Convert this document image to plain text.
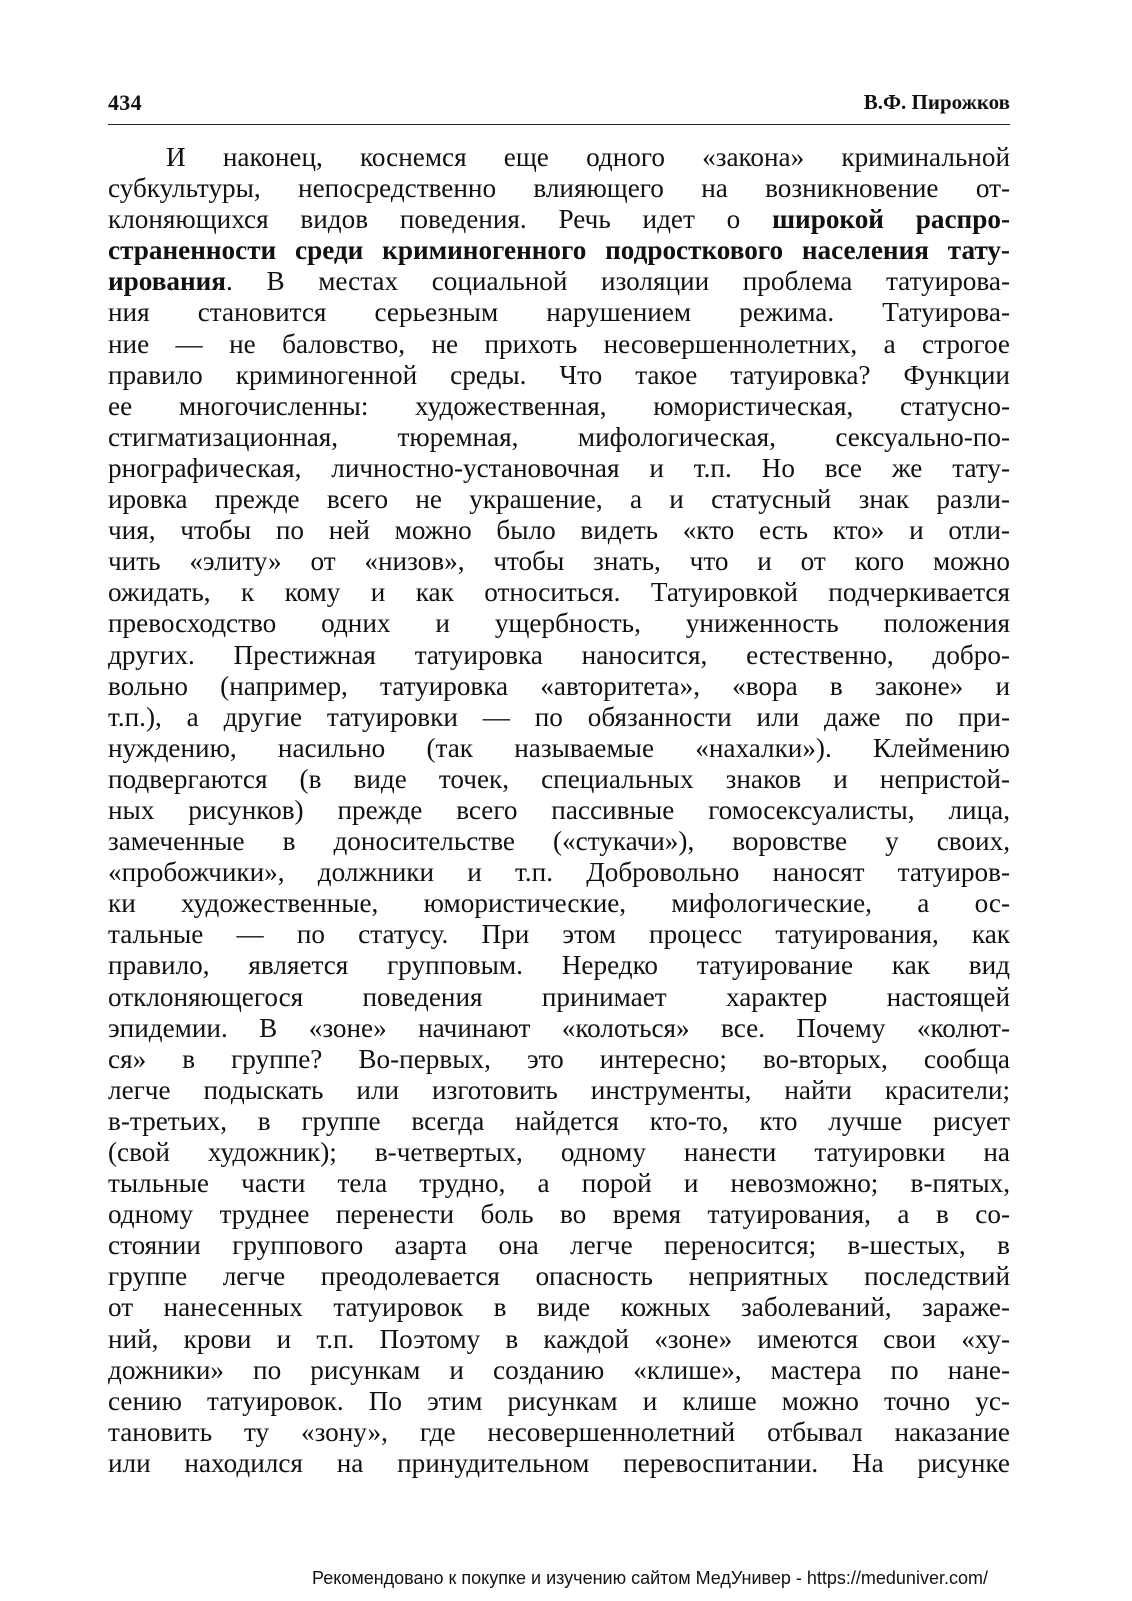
434	В.Ф. Пирожков
И наконец, коснемся еще одного «закона» криминальной
субкультуры, непосредственно влияющего на возникновение от-
клоняющихся видов поведения. Речь идет о широкой распро-
страненности среди криминогенного подросткового населения тату-
ирования. В местах социальной изоляции проблема татуирова-
ния становится серьезным нарушением режима. Татуирова-
ние — не баловство, не прихоть несовершеннолетних, а строгое
правило криминогенной среды. Что такое татуировка? Функции
ее многочисленны: художественная, юмористическая, статусно-
стигматизационная, тюремная, мифологическая, сексуально-по-
рнографическая, личностно-установочная и т.п. Но все же тату-
ировка прежде всего не украшение, а и статусный знак разли-
чия, чтобы по ней можно было видеть «кто есть кто» и отли-
чить «элиту» от «низов», чтобы знать, что и от кого можно
ожидать, к кому и как относиться. Татуировкой подчеркивается
превосходство одних и ущербность, униженность положения
других. Престижная татуировка наносится, естественно, добро-
вольно (например, татуировка «авторитета», «вора в законе» и
т.п.), а другие татуировки — по обязанности или даже по при-
нуждению, насильно (так называемые «нахалки»). Клеймению
подвергаются (в виде точек, специальных знаков и непристой-
ных рисунков) прежде всего пассивные гомосексуалисты, лица,
замеченные в доносительстве («стукачи»), воровстве у своих,
«пробожчики», должники и т.п. Добровольно наносят татуиров-
ки художественные, юмористические, мифологические, а ос-
тальные — по статусу. При этом процесс татуирования, как
правило, является групповым. Нередко татуирование как вид
отклоняющегося поведения принимает характер настоящей
эпидемии. В «зоне» начинают «колоться» все. Почему «колют-
ся» в группе? Во-первых, это интересно; во-вторых, сообща
легче подыскать или изготовить инструменты, найти красители;
в-третьих, в группе всегда найдется кто-то, кто лучше рисует
(свой художник); в-четвертых, одному нанести татуировки на
тыльные части тела трудно, а порой и невозможно; в-пятых,
одному труднее перенести боль во время татуирования, а в со-
стоянии группового азарта она легче переносится; в-шестых, в
группе легче преодолевается опасность неприятных последствий
от нанесенных татуировок в виде кожных заболеваний, зараже-
ний, крови и т.п. Поэтому в каждой «зоне» имеются свои «ху-
дожники» по рисункам и созданию «клише», мастера по нане-
сению татуировок. По этим рисункам и клише можно точно ус-
тановить ту «зону», где несовершеннолетний отбывал наказание
или находился на принудительном перевоспитании. На рисунке
Рекомендовано к покупке и изучению сайтом МедУнивер - https://meduniver.com/
